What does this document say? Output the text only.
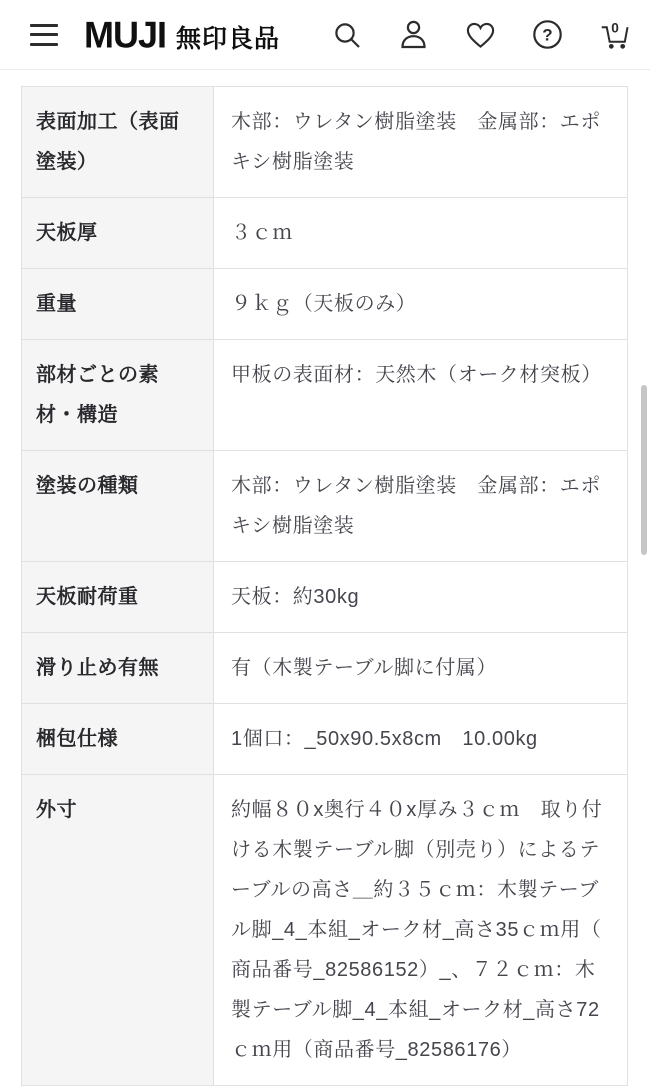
MUJI 無印良品	?	0
表面加工（表面塗装）	木部：ウレタン樹脂塗装　金属部：エポキシ樹脂塗装
天板厚	３ｃｍ
重量	９ｋｇ（天板のみ）
部材ごとの素材・構造	甲板の表面材：天然木（オーク材突板）
塗装の種類	木部：ウレタン樹脂塗装　金属部：エポキシ樹脂塗装
天板耐荷重	天板：約30kg
滑り止め有無	有（木製テーブル脚に付属）
梱包仕様	1個口：_50x90.5x8cm　10.00kg
外寸	約幅８０x奥行４０x厚み３ｃｍ　取り付ける木製テーブル脚（別売り）によるテーブルの高さ＿約３５ｃｍ：木製テーブル脚_4_本組_オーク材_高さ35ｃｍ用（商品番号_82586152）_、７２ｃｍ：木製テーブル脚_4_本組_オーク材_高さ72ｃｍ用（商品番号_82586176）
